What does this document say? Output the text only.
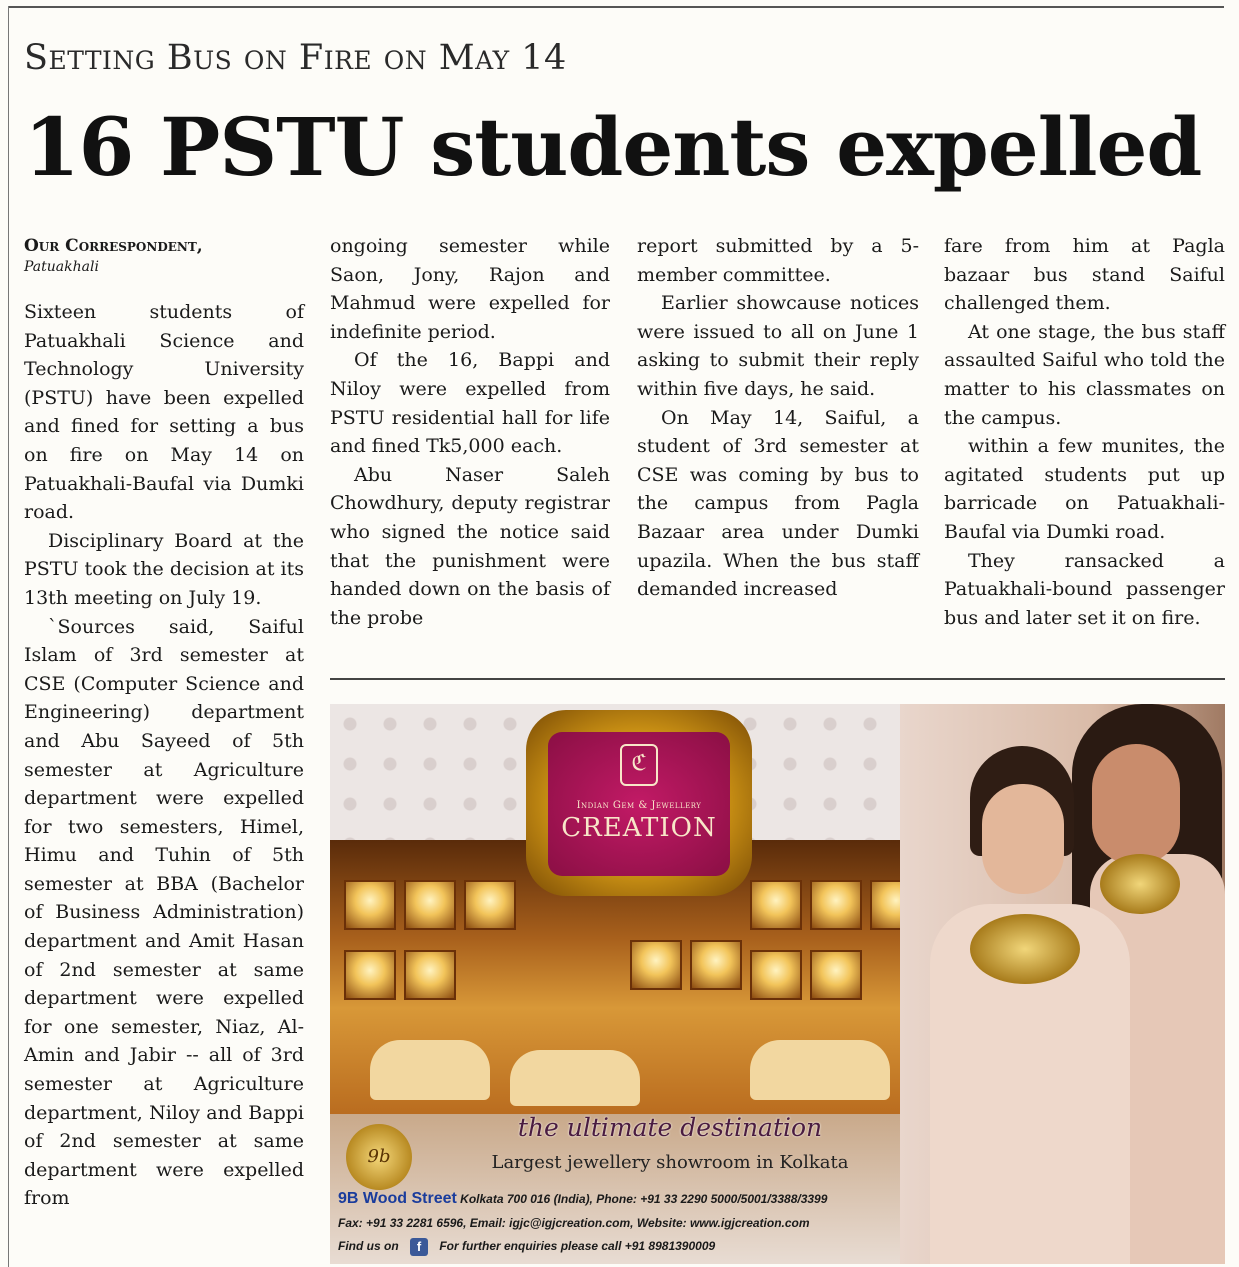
Setting Bus on Fire on May 14
16 PSTU students expelled
Our Correspondent,
Patuakhali

Sixteen students of Patuakhali Science and Technology University (PSTU) have been expelled and fined for setting a bus on fire on May 14 on Patuakhali-Baufal via Dumki road.

Disciplinary Board at the PSTU took the decision at its 13th meeting on July 19.

`Sources said, Saiful Islam of 3rd semester at CSE (Computer Science and Engineering) department and Abu Sayeed of 5th semester at Agriculture department were expelled for two semesters, Himel, Himu and Tuhin of 5th semester at BBA (Bachelor of Business Administration) department and Amit Hasan of 2nd semester at same department were expelled for one semester, Niaz, Al-Amin and Jabir -- all of 3rd semester at Agriculture department, Niloy and Bappi of 2nd semester at same department were expelled from

ongoing semester while Saon, Jony, Rajon and Mahmud were expelled for indefinite period.

Of the 16, Bappi and Niloy were expelled from PSTU residential hall for life and fined Tk5,000 each.

Abu Naser Saleh Chowdhury, deputy registrar who signed the notice said that the punishment were handed down on the basis of the probe

report submitted by a 5-member committee.

Earlier showcause notices were issued to all on June 1 asking to submit their reply within five days, he said.

On May 14, Saiful, a student of 3rd semester at CSE was coming by bus to the campus from Pagla Bazaar area under Dumki upazila. When the bus staff demanded increased

fare from him at Pagla bazaar bus stand Saiful challenged them.

At one stage, the bus staff assaulted Saiful who told the matter to his classmates on the campus.

within a few munites, the agitated students put up barricade on Patuakhali-Baufal via Dumki road.

They ransacked a Patuakhali-bound passenger bus and later set it on fire.

ℭ
Indian Gem & Jewellery
CREATION
9b
the ultimate destination
Largest jewellery showroom in Kolkata
9B Wood Street Kolkata 700 016 (India), Phone: +91 33 2290 5000/5001/3388/3399
Fax: +91 33 2281 6596, Email: igjc@igjcreation.com, Website: www.igjcreation.com
Find us on f For further enquiries please call +91 8981390009
